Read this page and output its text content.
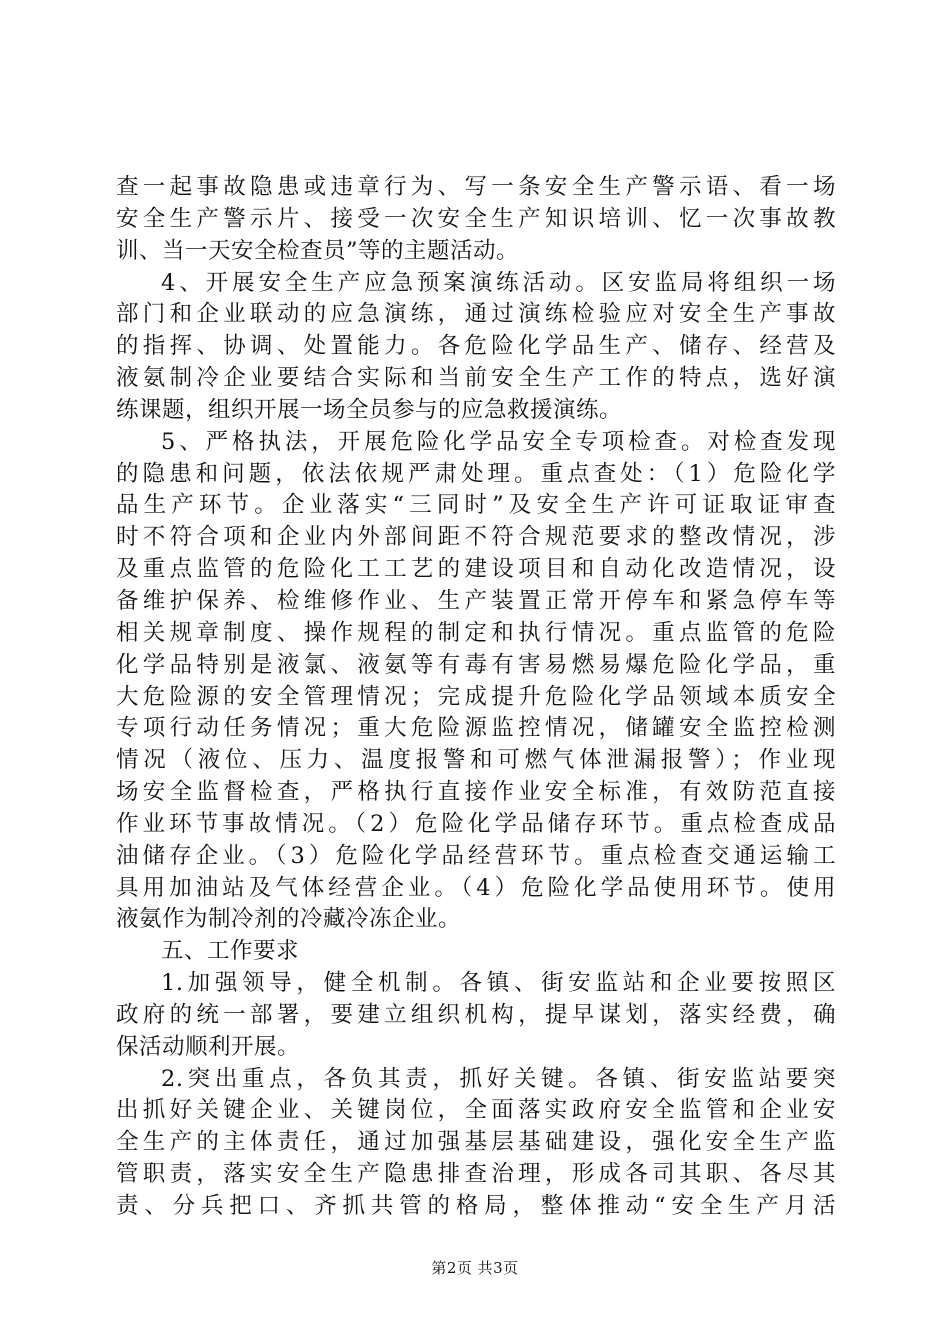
查一起事故隐患或违章行为、写一条安全生产警示语、看一场
安全生产警示片、接受一次安全生产知识培训、忆一次事故教
训、当一天安全检查员”等的主题活动。
4、开展安全生产应急预案演练活动。区安监局将组织一场
部门和企业联动的应急演练，通过演练检验应对安全生产事故
的指挥、协调、处置能力。各危险化学品生产、储存、经营及
液氨制冷企业要结合实际和当前安全生产工作的特点，选好演
练课题，组织开展一场全员参与的应急救援演练。
5、严格执法，开展危险化学品安全专项检查。对检查发现
的隐患和问题，依法依规严肃处理。重点查处：（1）危险化学
品生产环节。企业落实“三同时”及安全生产许可证取证审查
时不符合项和企业内外部间距不符合规范要求的整改情况，涉
及重点监管的危险化工工艺的建设项目和自动化改造情况，设
备维护保养、检维修作业、生产装置正常开停车和紧急停车等
相关规章制度、操作规程的制定和执行情况。重点监管的危险
化学品特别是液氯、液氨等有毒有害易燃易爆危险化学品，重
大危险源的安全管理情况；完成提升危险化学品领域本质安全
专项行动任务情况；重大危险源监控情况，储罐安全监控检测
情况（液位、压力、温度报警和可燃气体泄漏报警）；作业现
场安全监督检查，严格执行直接作业安全标准，有效防范直接
作业环节事故情况。（2）危险化学品储存环节。重点检查成品
油储存企业。（3）危险化学品经营环节。重点检查交通运输工
具用加油站及气体经营企业。（4）危险化学品使用环节。使用
液氨作为制冷剂的冷藏冷冻企业。
五、工作要求
1.加强领导，健全机制。各镇、街安监站和企业要按照区
政府的统一部署，要建立组织机构，提早谋划，落实经费，确
保活动顺利开展。
2.突出重点，各负其责，抓好关键。各镇、街安监站要突
出抓好关键企业、关键岗位，全面落实政府安全监管和企业安
全生产的主体责任，通过加强基层基础建设，强化安全生产监
管职责，落实安全生产隐患排查治理，形成各司其职、各尽其
责、分兵把口、齐抓共管的格局，整体推动“安全生产月活
第2页 共3页
